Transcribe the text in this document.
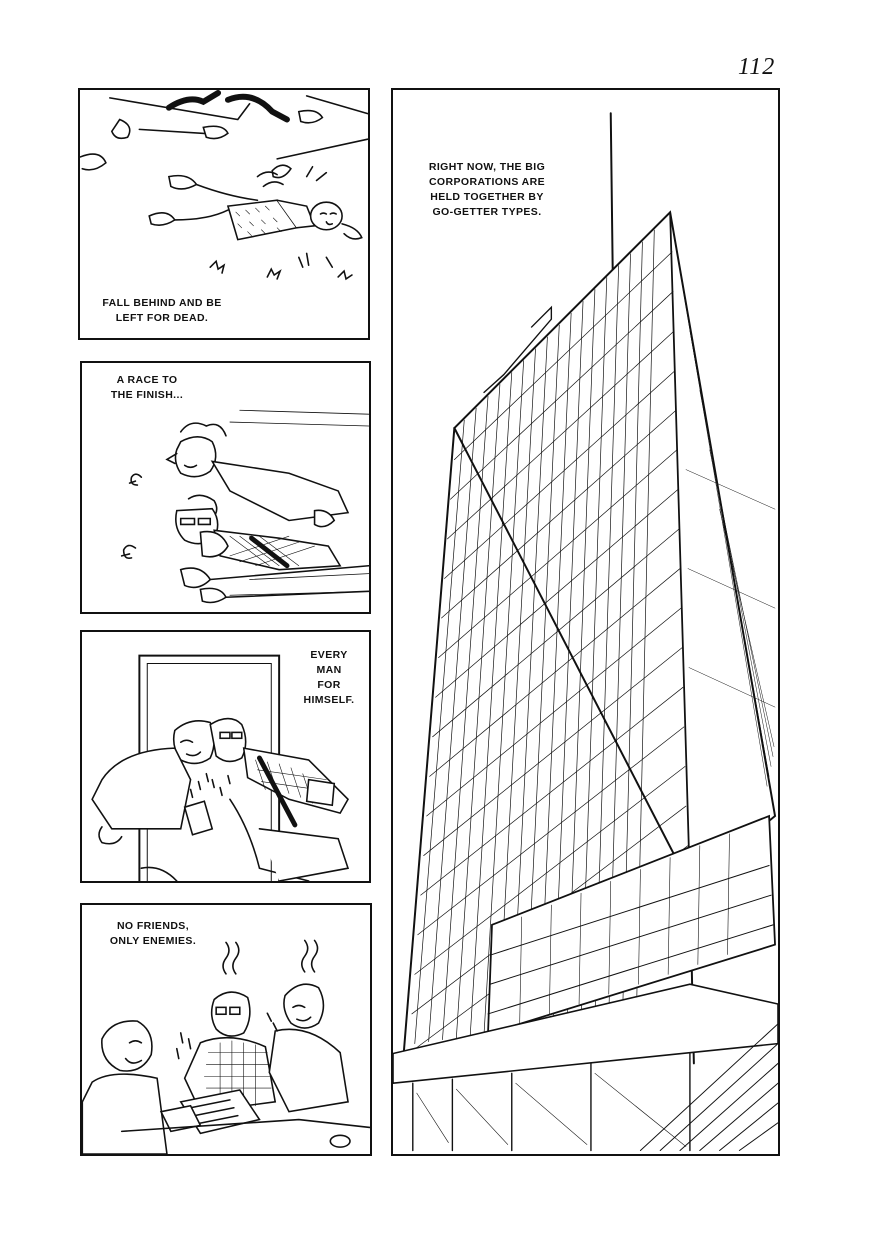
112
FALL BEHIND AND BE
LEFT FOR DEAD.
A RACE TO
THE FINISH...
EVERY
MAN
FOR
HIMSELF.
NO FRIENDS,
ONLY ENEMIES.
RIGHT NOW, THE BIG
CORPORATIONS ARE
HELD TOGETHER BY
GO-GETTER TYPES.
